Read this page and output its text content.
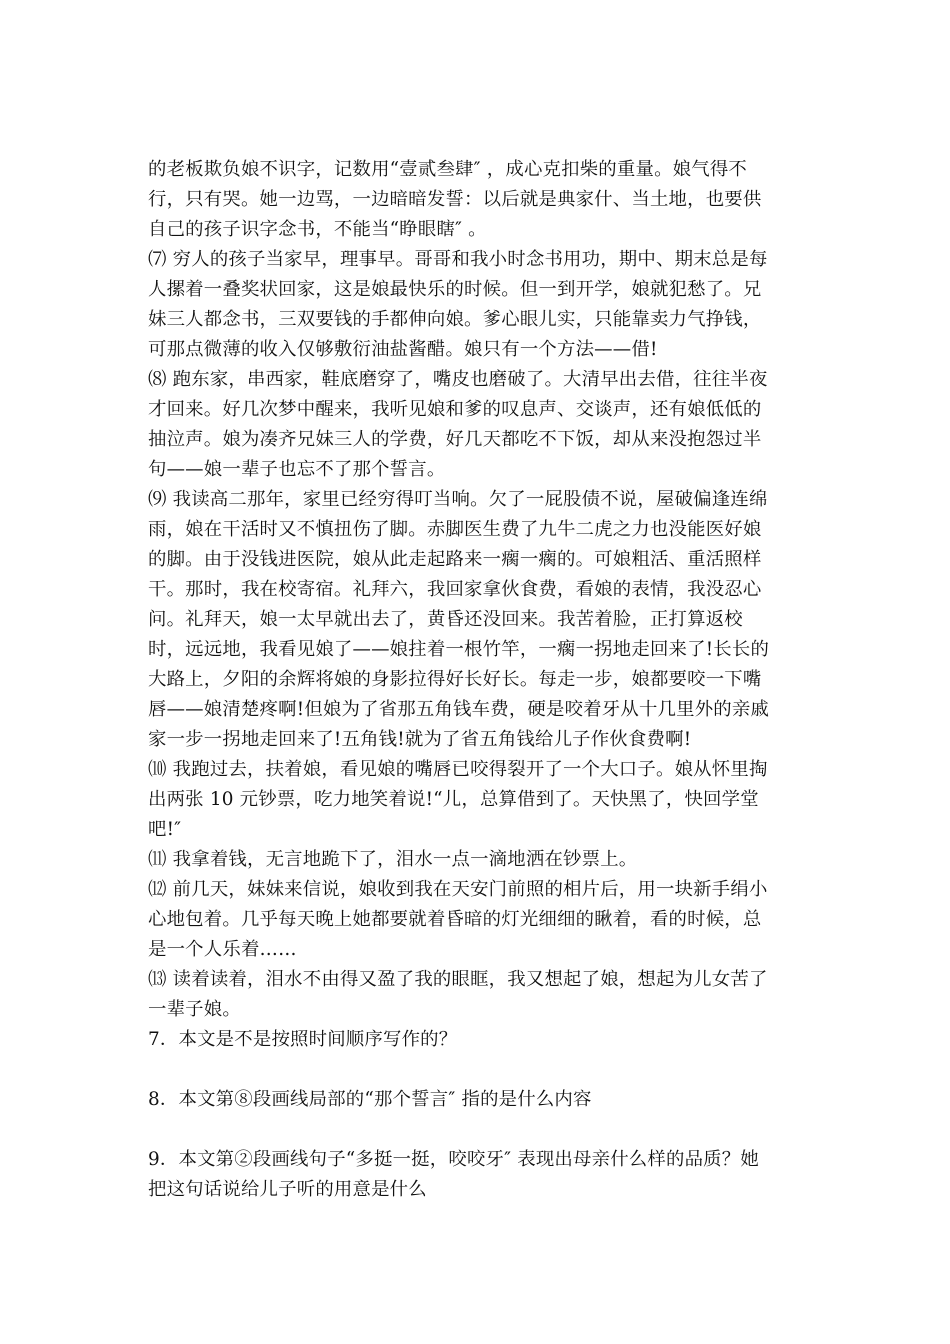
的老板欺负娘不识字，记数用“壹贰叁肆″ ，成心克扣柴的重量。娘气得不
行，只有哭。她一边骂，一边暗暗发誓：以后就是典家什、当土地，也要供
自己的孩子识字念书，不能当“睁眼瞎″ 。
⑺ 穷人的孩子当家早，理事早。哥哥和我小时念书用功，期中、期末总是每
人摞着一叠奖状回家，这是娘最快乐的时候。但一到开学，娘就犯愁了。兄
妹三人都念书，三双要钱的手都伸向娘。爹心眼儿实，只能靠卖力气挣钱，
可那点微薄的收入仅够敷衍油盐酱醋。娘只有一个方法——借!
⑻ 跑东家，串西家，鞋底磨穿了，嘴皮也磨破了。大清早出去借，往往半夜
才回来。好几次梦中醒来，我听见娘和爹的叹息声、交谈声，还有娘低低的
抽泣声。娘为凑齐兄妹三人的学费，好几天都吃不下饭，却从来没抱怨过半
句——娘一辈子也忘不了那个誓言。
⑼ 我读高二那年，家里已经穷得叮当响。欠了一屁股债不说，屋破偏逢连绵
雨，娘在干活时又不慎扭伤了脚。赤脚医生费了九牛二虎之力也没能医好娘
的脚。由于没钱进医院，娘从此走起路来一瘸一瘸的。可娘粗活、重活照样
干。那时，我在校寄宿。礼拜六，我回家拿伙食费，看娘的表情，我没忍心
问。礼拜天，娘一太早就出去了，黄昏还没回来。我苦着脸，正打算返校
时，远远地，我看见娘了——娘拄着一根竹竿，一瘸一拐地走回来了!长长的
大路上，夕阳的余辉将娘的身影拉得好长好长。每走一步，娘都要咬一下嘴
唇——娘清楚疼啊!但娘为了省那五角钱车费，硬是咬着牙从十几里外的亲戚
家一步一拐地走回来了!五角钱!就为了省五角钱给儿子作伙食费啊!
⑽ 我跑过去，扶着娘，看见娘的嘴唇已咬得裂开了一个大口子。娘从怀里掏
出两张 10 元钞票，吃力地笑着说!“儿，总算借到了。天快黑了，快回学堂
吧!″
⑾ 我拿着钱，无言地跪下了，泪水一点一滴地洒在钞票上。
⑿ 前几天，妹妹来信说，娘收到我在天安门前照的相片后，用一块新手绢小
心地包着。几乎每天晚上她都要就着昏暗的灯光细细的瞅着，看的时候，总
是一个人乐着……
⒀ 读着读着，泪水不由得又盈了我的眼眶，我又想起了娘，想起为儿女苦了
一辈子娘。
7．本文是不是按照时间顺序写作的？
8．本文第⑧段画线局部的“那个誓言″ 指的是什么内容
9．本文第②段画线句子“多挺一挺，咬咬牙″ 表现出母亲什么样的品质？她
把这句话说给儿子听的用意是什么
